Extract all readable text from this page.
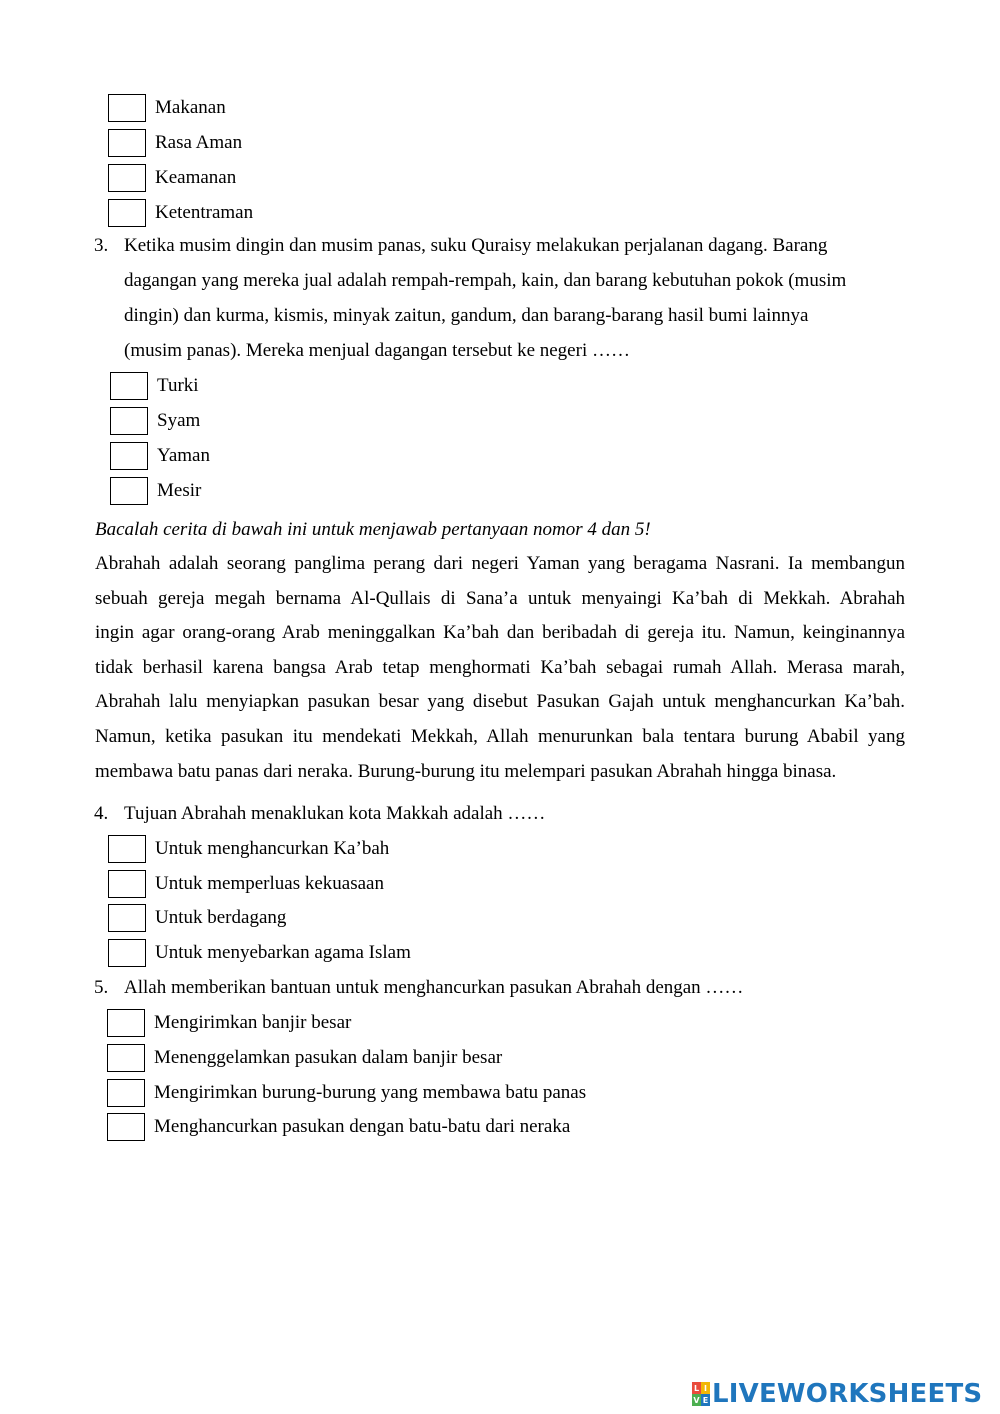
Makanan
Rasa Aman
Keamanan
Ketentraman
3. Ketika musim dingin dan musim panas, suku Quraisy melakukan perjalanan dagang. Barang
dagangan yang mereka jual adalah rempah-rempah, kain, dan barang kebutuhan pokok (musim
dingin) dan kurma, kismis, minyak zaitun, gandum, dan barang-barang hasil bumi lainnya
(musim panas). Mereka menjual dagangan tersebut ke negeri ……
Turki
Syam
Yaman
Mesir
Bacalah cerita di bawah ini untuk menjawab pertanyaan nomor 4 dan 5!

Abrahah adalah seorang panglima perang dari negeri Yaman yang beragama Nasrani. Ia membangun

sebuah gereja megah bernama Al-Qullais di Sana’a untuk menyaingi Ka’bah di Mekkah. Abrahah

ingin agar orang-orang Arab meninggalkan Ka’bah dan beribadah di gereja itu. Namun, keinginannya

tidak berhasil karena bangsa Arab tetap menghormati Ka’bah sebagai rumah Allah. Merasa marah,

Abrahah lalu menyiapkan pasukan besar yang disebut Pasukan Gajah untuk menghancurkan Ka’bah.

Namun, ketika pasukan itu mendekati Mekkah, Allah menurunkan bala tentara burung Ababil yang

membawa batu panas dari neraka. Burung-burung itu melempari pasukan Abrahah hingga binasa.

4. Tujuan Abrahah menaklukan kota Makkah adalah ……
Untuk menghancurkan Ka’bah
Untuk memperluas kekuasaan
Untuk berdagang
Untuk menyebarkan agama Islam
5. Allah memberikan bantuan untuk menghancurkan pasukan Abrahah dengan ……
Mengirimkan banjir besar
Menenggelamkan pasukan dalam banjir besar
Mengirimkan burung-burung yang membawa batu panas
Menghancurkan pasukan dengan batu-batu dari neraka
L I
V E LIVEWORKSHEETS
